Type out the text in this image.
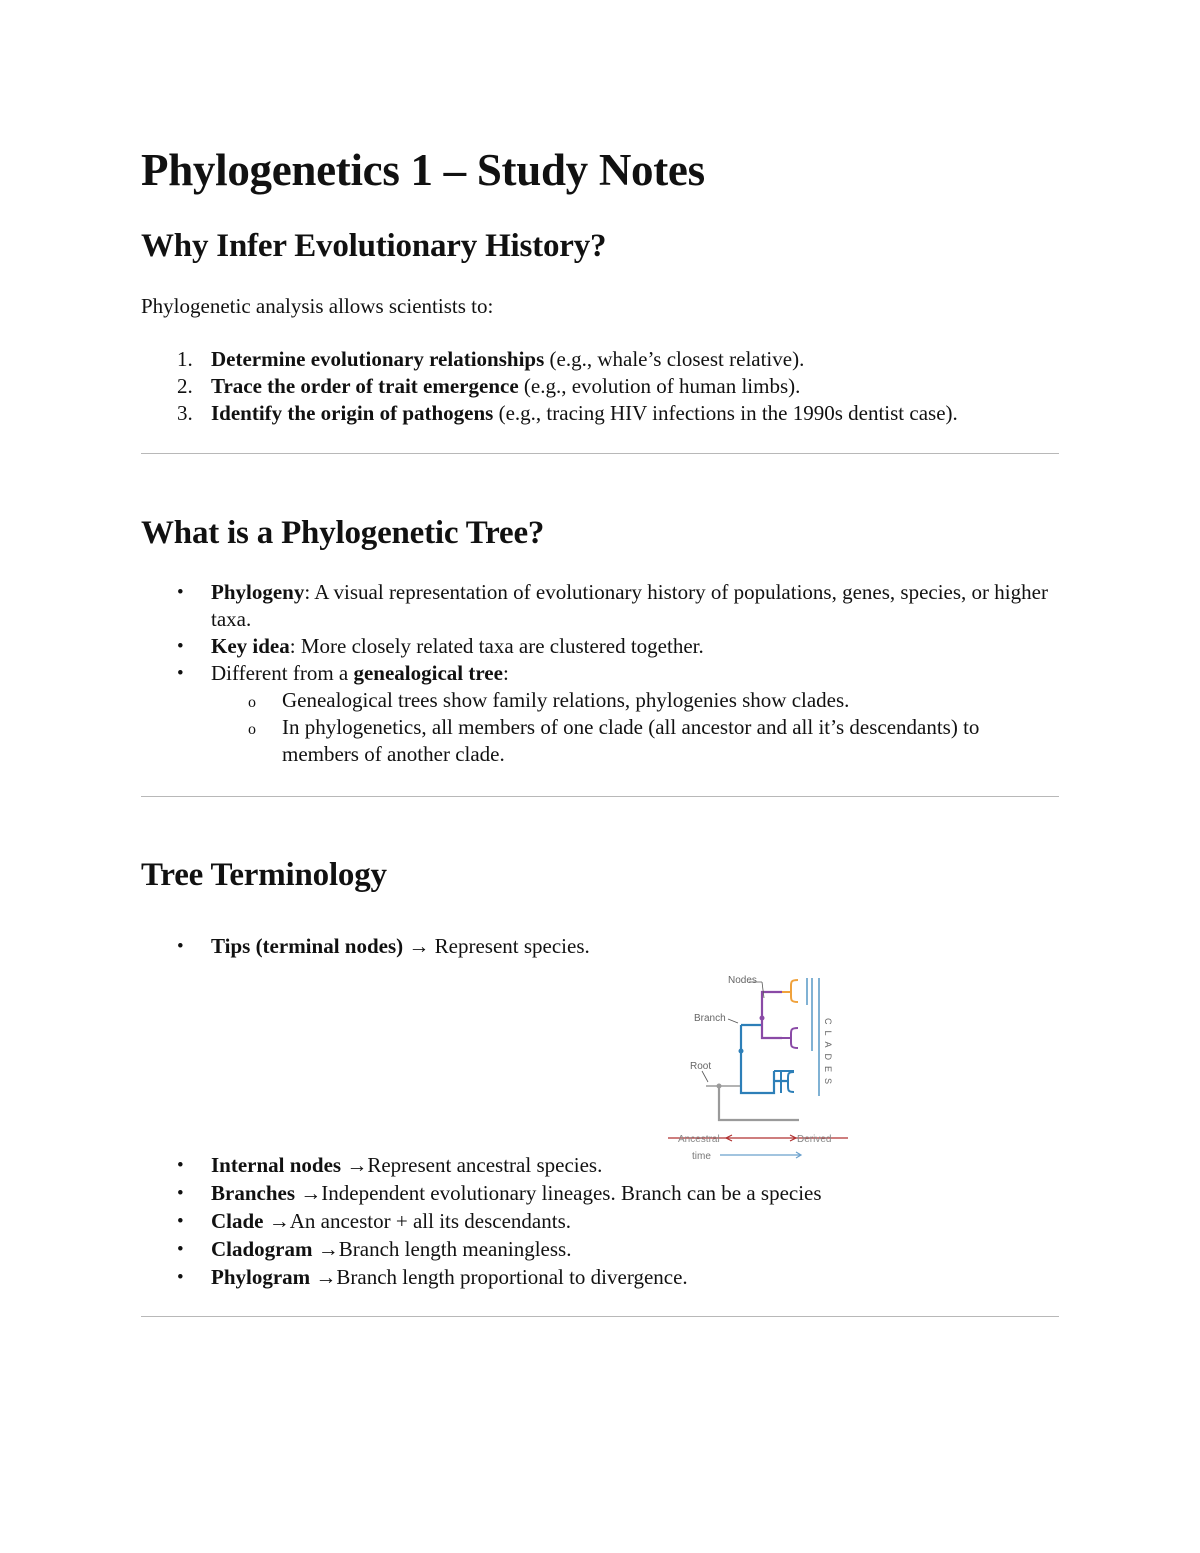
Phylogenetics 1 – Study Notes
Why Infer Evolutionary History?

Phylogenetic analysis allows scientists to:

1. Determine evolutionary relationships (e.g., whale’s closest relative).
2. Trace the order of trait emergence (e.g., evolution of human limbs).
3. Identify the origin of pathogens (e.g., tracing HIV infections in the 1990s dentist case).
What is a Phylogenetic Tree?
• Phylogeny: A visual representation of evolutionary history of populations, genes, species, or higher taxa.
• Key idea: More closely related taxa are clustered together.
• Different from a genealogical tree:
o Genealogical trees show family relations, phylogenies show clades.
o In phylogenetics, all members of one clade (all ancestor and all it’s descendants) to members of another clade.
Tree Terminology
• Tips (terminal nodes) → Represent species.
Nodes
Branch
Root	CLADES
Ancestral	Derived
time
• Internal nodes →Represent ancestral species.
• Branches →Independent evolutionary lineages. Branch can be a species
• Clade →An ancestor + all its descendants.
• Cladogram →Branch length meaningless.
• Phylogram →Branch length proportional to divergence.
